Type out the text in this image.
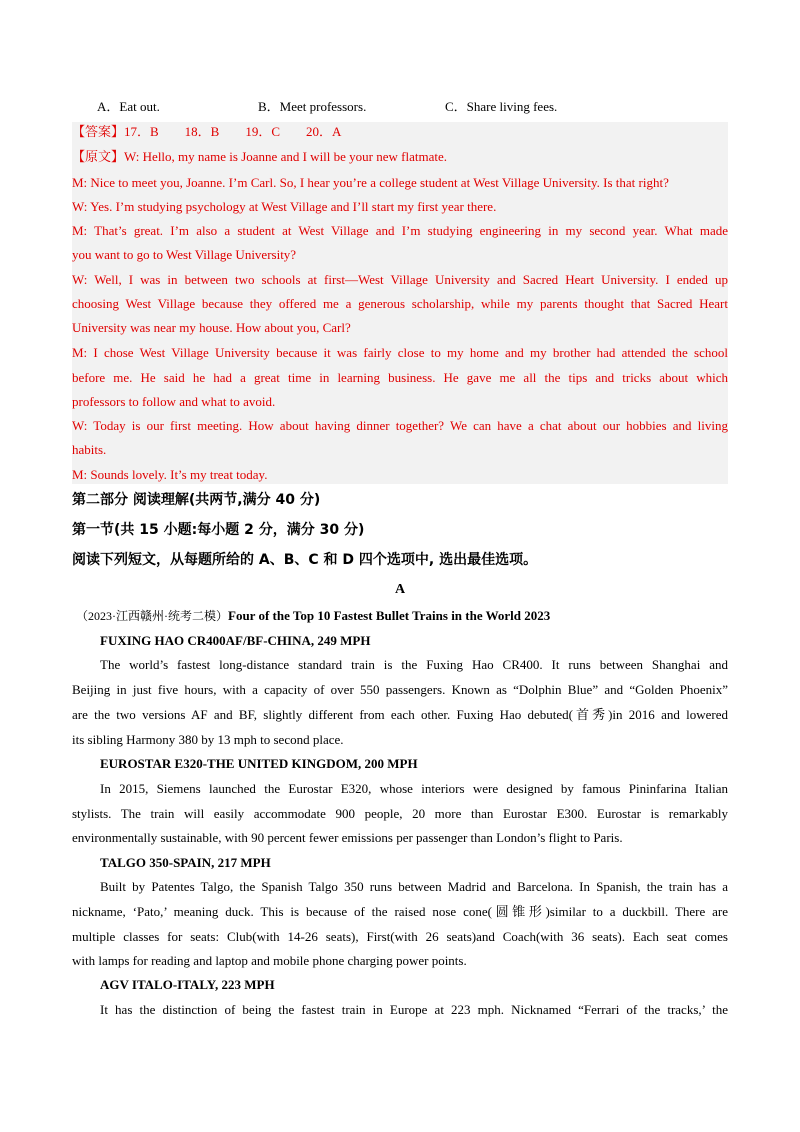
A．Eat out.	B．Meet professors.	C．Share living fees.
【答案】17．B　　18．B　　19．C　　20．A
【原文】W: Hello, my name is Joanne and I will be your new flatmate.
M: Nice to meet you, Joanne. I’m Carl. So, I hear you’re a college student at West Village University. Is that right?
W: Yes. I’m studying psychology at West Village and I’ll start my first year there.
M: That’s great. I’m also a student at West Village and I’m studying engineering in my second year. What made
you want to go to West Village University?
W: Well, I was in between two schools at first—West Village University and Sacred Heart University. I ended up
choosing West Village because they offered me a generous scholarship, while my parents thought that Sacred Heart
University was near my house. How about you, Carl?
M: I chose West Village University because it was fairly close to my home and my brother had attended the school
before me. He said he had a great time in learning business. He gave me all the tips and tricks about which
professors to follow and what to avoid.
W: Today is our first meeting. How about having dinner together? We can have a chat about our hobbies and living
habits.
M: Sounds lovely. It’s my treat today.
第二部分 阅读理解(共两节,满分 40 分)
第一节(共 15 小题:每小题 2 分，满分 30 分)
阅读下列短文，从每题所给的 A、B、C 和 D 四个选项中, 选出最佳选项。
A
（2023·江西赣州·统考二模）Four of the Top 10 Fastest Bullet Trains in the World 2023
FUXING HAO CR400AF/BF-CHINA, 249 MPH
The world’s fastest long-distance standard train is the Fuxing Hao CR400. It runs between Shanghai and
Beijing in just five hours, with a capacity of over 550 passengers. Known as “Dolphin Blue” and “Golden Phoenix”
are the two versions AF and BF, slightly different from each other. Fuxing Hao debuted(首秀)in 2016 and lowered
its sibling Harmony 380 by 13 mph to second place.
EUROSTAR E320-THE UNITED KINGDOM, 200 MPH
In 2015, Siemens launched the Eurostar E320, whose interiors were designed by famous Pininfarina Italian
stylists. The train will easily accommodate 900 people, 20 more than Eurostar E300. Eurostar is remarkably
environmentally sustainable, with 90 percent fewer emissions per passenger than London’s flight to Paris.
TALGO 350-SPAIN, 217 MPH
Built by Patentes Talgo, the Spanish Talgo 350 runs between Madrid and Barcelona. In Spanish, the train has a
nickname, ‘Pato,’ meaning duck. This is because of the raised nose cone(圆锥形)similar to a duckbill. There are
multiple classes for seats: Club(with 14-26 seats), First(with 26 seats)and Coach(with 36 seats). Each seat comes
with lamps for reading and laptop and mobile phone charging power points.
AGV ITALO-ITALY, 223 MPH
It has the distinction of being the fastest train in Europe at 223 mph. Nicknamed “Ferrari of the tracks,’ the
